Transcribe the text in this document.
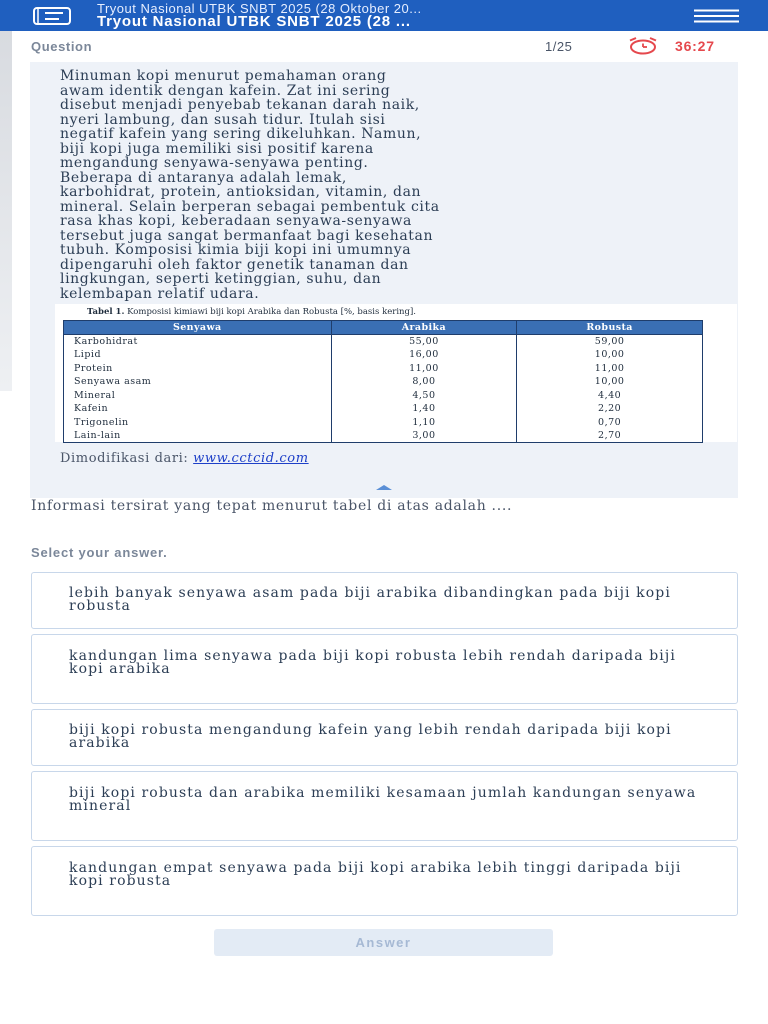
Tryout Nasional UTBK SNBT 2025 (28 Oktober 20...
Tryout Nasional UTBK SNBT 2025 (28 ...
Question	1/25	36:27
Minuman kopi menurut pemahaman orang
awam identik dengan kafein. Zat ini sering
disebut menjadi penyebab tekanan darah naik,
nyeri lambung, dan susah tidur. Itulah sisi
negatif kafein yang sering dikeluhkan. Namun,
biji kopi juga memiliki sisi positif karena
mengandung senyawa-senyawa penting.
Beberapa di antaranya adalah lemak,
karbohidrat, protein, antioksidan, vitamin, dan
mineral. Selain berperan sebagai pembentuk cita
rasa khas kopi, keberadaan senyawa-senyawa
tersebut juga sangat bermanfaat bagi kesehatan
tubuh. Komposisi kimia biji kopi ini umumnya
dipengaruhi oleh faktor genetik tanaman dan
lingkungan, seperti ketinggian, suhu, dan
kelembapan relatif udara.
Tabel 1. Komposisi kimiawi biji kopi Arabika dan Robusta [%, basis kering].
Senyawa	Arabika	Robusta
Karbohidrat	55,00	59,00
Lipid	16,00	10,00
Protein	11,00	11,00
Senyawa asam	8,00	10,00
Mineral	4,50	4,40
Kafein	1,40	2,20
Trigonelin	1,10	0,70
Lain-lain	3,00	2,70
Dimodifikasi dari: www.cctcid.com
Informasi tersirat yang tepat menurut tabel di atas adalah ....
Select your answer.
lebih banyak senyawa asam pada biji arabika dibandingkan pada biji kopi robusta
kandungan lima senyawa pada biji kopi robusta lebih rendah daripada biji kopi arabika
biji kopi robusta mengandung kafein yang lebih rendah daripada biji kopi arabika
biji kopi robusta dan arabika memiliki kesamaan jumlah kandungan senyawa mineral
kandungan empat senyawa pada biji kopi arabika lebih tinggi daripada biji kopi robusta
Answer
